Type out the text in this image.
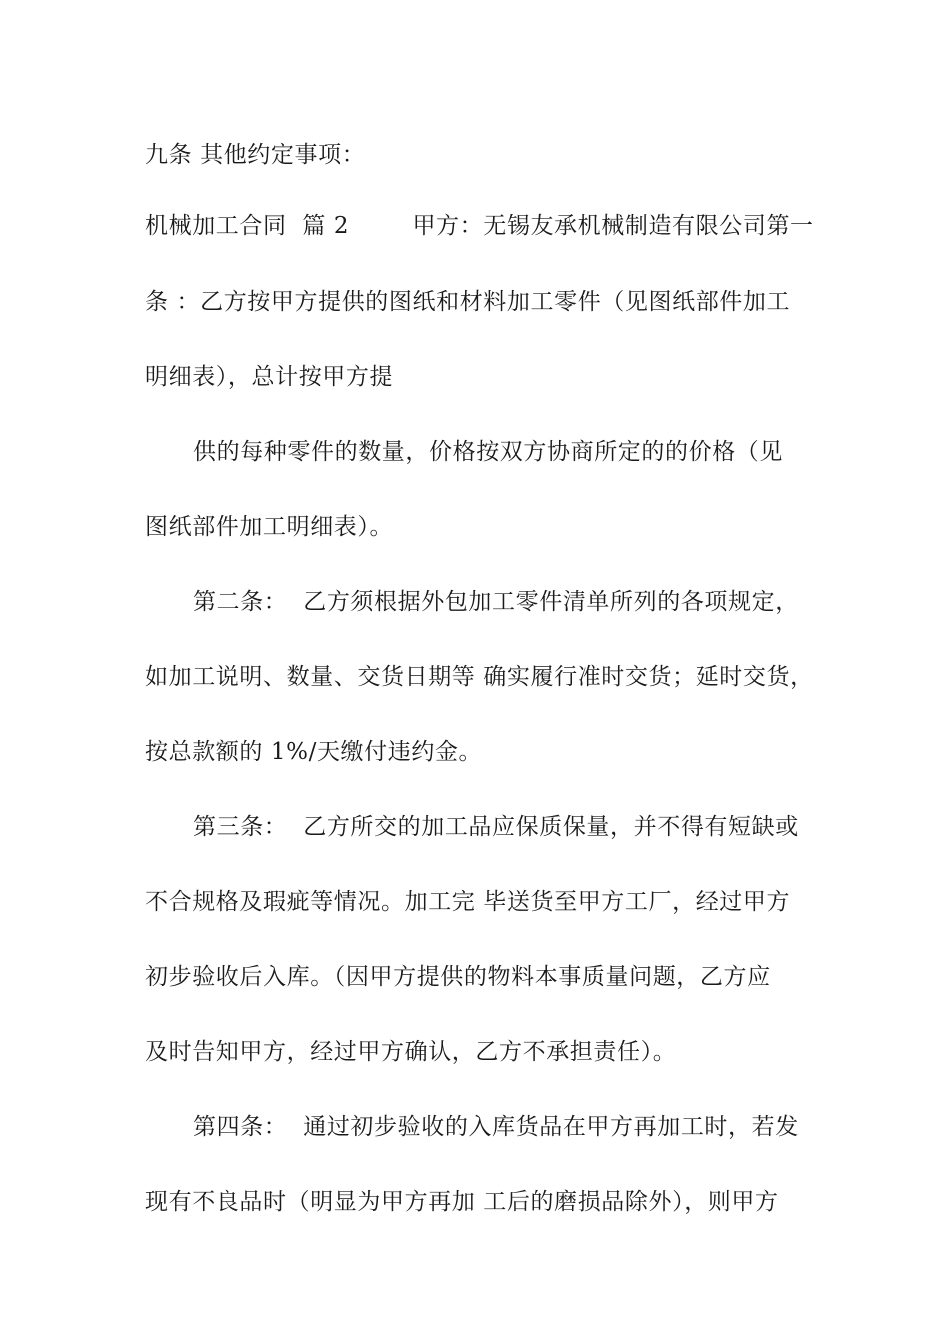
九条 其他约定事项：
机械加工合同  篇 2        甲方：无锡友承机械制造有限公司第一
条 ：乙方按甲方提供的图纸和材料加工零件（见图纸部件加工
明细表），总计按甲方提
供的每种零件的数量，价格按双方协商所定的的价格（见
图纸部件加工明细表）。
第二条：  乙方须根据外包加工零件清单所列的各项规定，
如加工说明、数量、交货日期等 确实履行准时交货；延时交货，
按总款额的 1%/天缴付违约金。
第三条：  乙方所交的加工品应保质保量，并不得有短缺或
不合规格及瑕疵等情况。加工完 毕送货至甲方工厂，经过甲方
初步验收后入库。（因甲方提供的物料本事质量问题，乙方应
及时告知甲方，经过甲方确认，乙方不承担责任）。
第四条：  通过初步验收的入库货品在甲方再加工时，若发
现有不良品时（明显为甲方再加 工后的磨损品除外），则甲方
